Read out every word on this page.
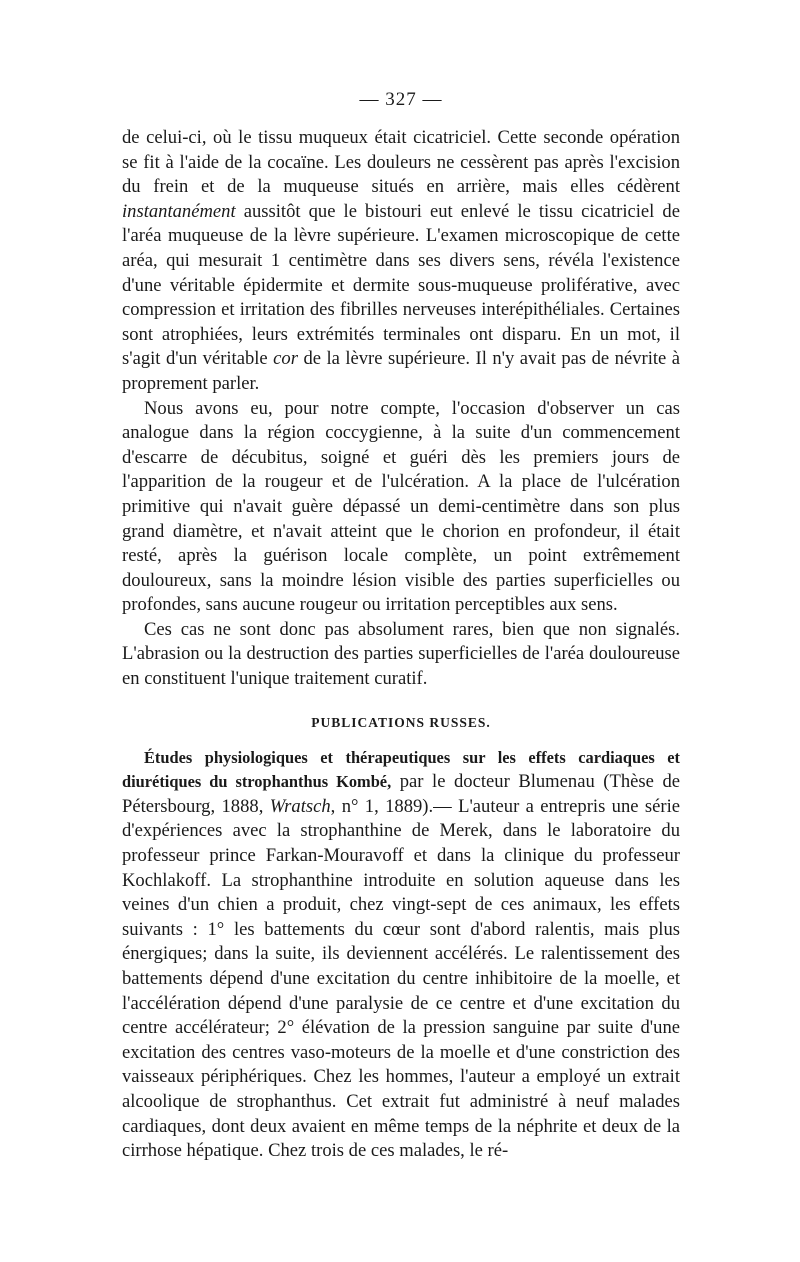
— 327 —

de celui-ci, où le tissu muqueux était cicatriciel. Cette seconde opération se fit à l'aide de la cocaïne. Les douleurs ne cessèrent pas après l'excision du frein et de la muqueuse situés en arrière, mais elles cédèrent instantanément aussitôt que le bistouri eut enlevé le tissu cicatriciel de l'aréa muqueuse de la lèvre supérieure. L'examen microscopique de cette aréa, qui mesurait 1 centimètre dans ses divers sens, révéla l'existence d'une véritable épidermite et dermite sous-muqueuse proliférative, avec compression et irritation des fibrilles nerveuses interépithéliales. Certaines sont atrophiées, leurs extrémités terminales ont disparu. En un mot, il s'agit d'un véritable cor de la lèvre supérieure. Il n'y avait pas de névrite à proprement parler.

Nous avons eu, pour notre compte, l'occasion d'observer un cas analogue dans la région coccygienne, à la suite d'un commencement d'escarre de décubitus, soigné et guéri dès les premiers jours de l'apparition de la rougeur et de l'ulcération. A la place de l'ulcération primitive qui n'avait guère dépassé un demi-centimètre dans son plus grand diamètre, et n'avait atteint que le chorion en profondeur, il était resté, après la guérison locale complète, un point extrêmement douloureux, sans la moindre lésion visible des parties superficielles ou profondes, sans aucune rougeur ou irritation perceptibles aux sens.

Ces cas ne sont donc pas absolument rares, bien que non signalés. L'abrasion ou la destruction des parties superficielles de l'aréa douloureuse en constituent l'unique traitement curatif.

PUBLICATIONS RUSSES.

Études physiologiques et thérapeutiques sur les effets cardiaques et diurétiques du strophanthus Kombé, par le docteur Blumenau (Thèse de Pétersbourg, 1888, Wratsch, n° 1, 1889).— L'auteur a entrepris une série d'expériences avec la strophanthine de Merek, dans le laboratoire du professeur prince Farkan-Mouravoff et dans la clinique du professeur Kochlakoff. La strophanthine introduite en solution aqueuse dans les veines d'un chien a produit, chez vingt-sept de ces animaux, les effets suivants : 1° les battements du cœur sont d'abord ralentis, mais plus énergiques; dans la suite, ils deviennent accélérés. Le ralentissement des battements dépend d'une excitation du centre inhibitoire de la moelle, et l'accélération dépend d'une paralysie de ce centre et d'une excitation du centre accélérateur; 2° élévation de la pression sanguine par suite d'une excitation des centres vaso-moteurs de la moelle et d'une constriction des vaisseaux périphériques. Chez les hommes, l'auteur a employé un extrait alcoolique de strophanthus. Cet extrait fut administré à neuf malades cardiaques, dont deux avaient en même temps de la néphrite et deux de la cirrhose hépatique. Chez trois de ces malades, le ré-
